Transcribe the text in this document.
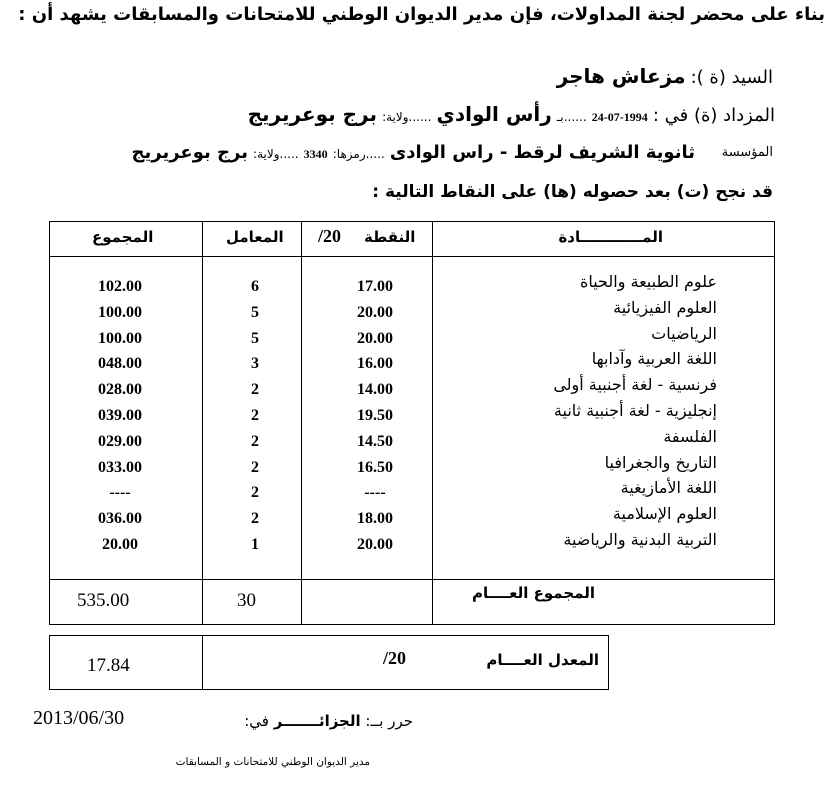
بناء على محضر لجنة المداولات، فإن مدير الديوان الوطني للامتحانات والمسابقات يشهد أن :
السيد (ة ): مزعاش هاجر
المزداد (ة) في : 1994-07-24 ......بـ رأس الوادي ......ولاية: برج بوعريريج
المؤسسة
ثانوية الشريف لرقط - راس الوادى .....رمزها: 3340 .....ولاية: برج بوعريريج
قد نجح (ت) بعد حصوله (ها) على النقاط التالية :
المــــــــــــادة
النقطة
/20
المعامل
المجموع
علوم الطبيعة والحياة
العلوم الفيزيائية
الرياضيات
اللغة العربية وآدابها
فرنسية - لغة أجنبية أولى
إنجليزية - لغة أجنبية ثانية
الفلسفة
التاريخ والجغرافيا
اللغة الأمازيغية
العلوم الإسلامية
التربية البدنية والرياضية
17.00
20.00
20.00
16.00
14.00
19.50
14.50
16.50
----
18.00
20.00
6
5
5
3
2
2
2
2
2
2
1
102.00
100.00
100.00
048.00
028.00
039.00
029.00
033.00
----
036.00
20.00
المجموع العــــام
30
535.00
المعدل العــــام
/20
17.84
2013/06/30	حرر بــ: الجزائـــــــر في:
مدير الديوان الوطني للامتحانات و المسابقات
